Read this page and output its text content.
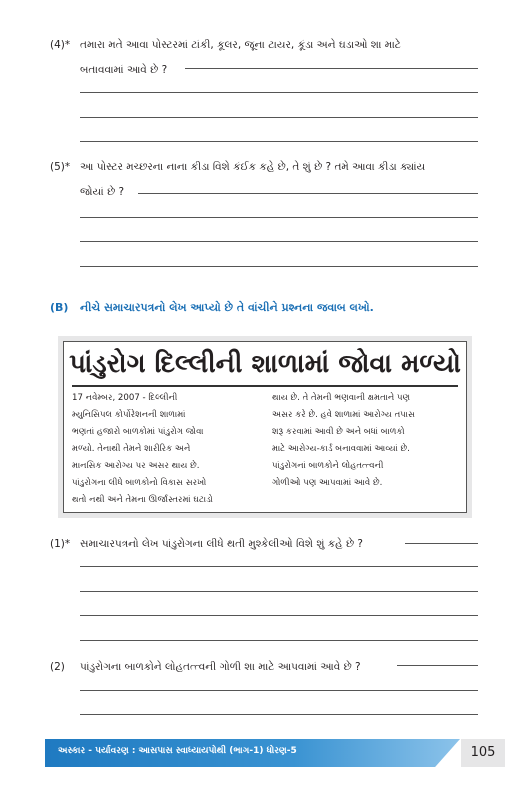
(4)* તમારા મતે આવા પોસ્ટરમાં ટાંકી, કૂલર, જૂના ટાયર, કૂંડા અને ઘડાઓ શા માટે
બતાવવામાં આવે છે ?
(5)* આ પોસ્ટર મચ્છરના નાના કીડા વિશે કંઈક કહે છે, તે શું છે ? તમે આવા કીડા ક્યાંય
જોયાં છે ?
(B) નીચે સમાચારપત્રનો લેખ આપ્યો છે તે વાંચીને પ્રશ્નના જવાબ લખો.
પાંડુરોગ દિલ્લીની શાળામાં જોવા મળ્યો
17 નવેમ્બર, 2007 - દિલ્લીની
મ્યુનિસિપલ કોર્પોરેશનની શાળામાં
ભણતાં હજારો બાળકોમાં પાંડુરોગ જોવા
મળ્યો. તેનાથી તેમને શારીરિક અને
માનસિક આરોગ્ય પર અસર થાય છે.
પાંડુરોગના લીધે બાળકોનો વિકાસ સરખો
થતો નથી અને તેમના ઊર્જાસ્તરમાં ઘટાડો
થાય છે. તે તેમની ભણવાની ક્ષમતાને પણ
અસર કરે છે. હવે શાળામાં આરોગ્ય તપાસ
શરૂ કરવામાં આવી છે અને બધાં બાળકો
માટે આરોગ્ય-કાર્ડ બનાવવામાં આવ્યાં છે.
પાંડુરોગનાં બાળકોને લોહતત્ત્વની
ગોળીઓ પણ આપવામાં આવે છે.
(1)* સમાચારપત્રનો લેખ પાંડુરોગના લીધે થતી મુશ્કેલીઓ વિશે શું કહે છે ?
(2) પાંડુરોગના બાળકોને લોહતત્ત્વની ગોળી શા માટે આપવામાં આવે છે ?
અસ્કાર - પર્યાવરણ : આસપાસ સ્વાધ્યાયપોથી (ભાગ-1) ધોરણ-5	105
